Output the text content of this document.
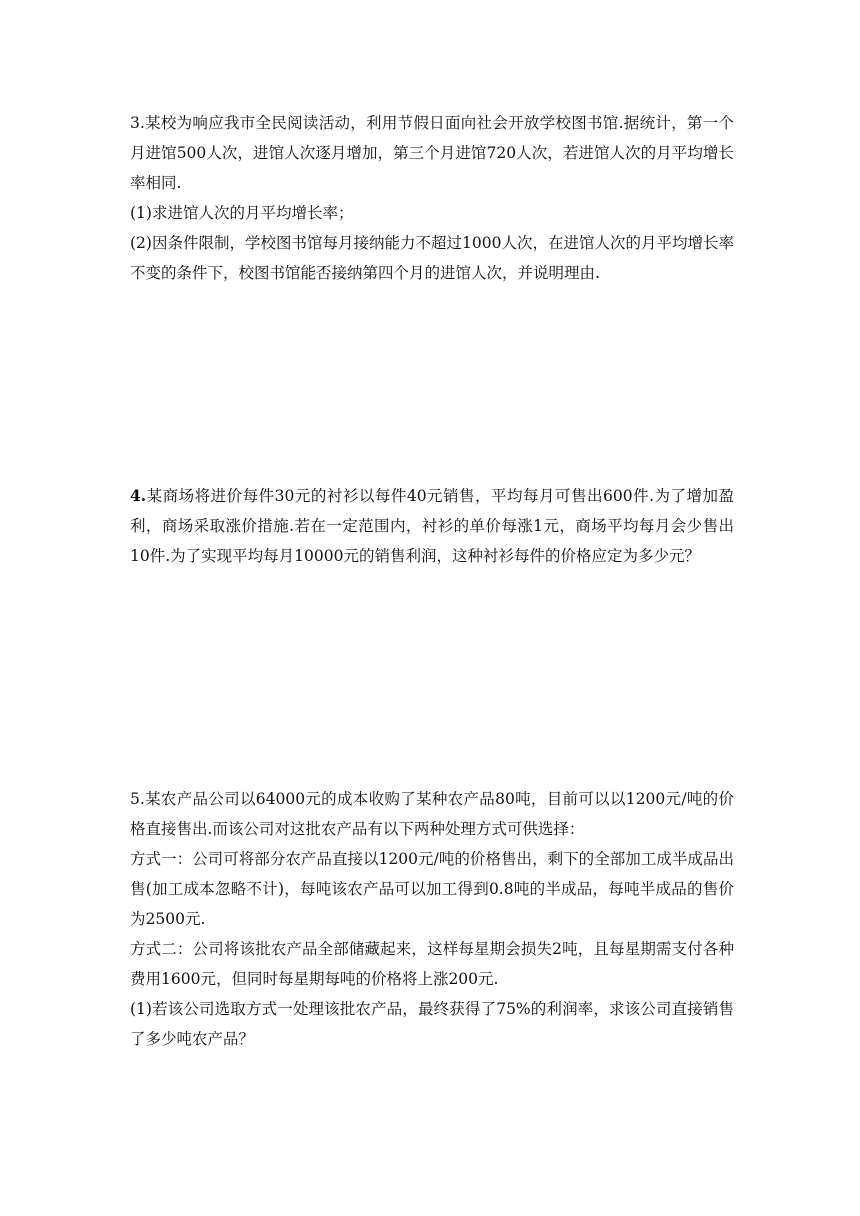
3.某校为响应我市全民阅读活动，利用节假日面向社会开放学校图书馆.据统计，第一个月进馆500人次，进馆人次逐月增加，第三个月进馆720人次，若进馆人次的月平均增长率相同.

(1)求进馆人次的月平均增长率；

(2)因条件限制，学校图书馆每月接纳能力不超过1000人次，在进馆人次的月平均增长率不变的条件下，校图书馆能否接纳第四个月的进馆人次，并说明理由.

4.某商场将进价每件30元的衬衫以每件40元销售，平均每月可售出600件.为了增加盈利，商场采取涨价措施.若在一定范围内，衬衫的单价每涨1元，商场平均每月会少售出10件.为了实现平均每月10000元的销售利润，这种衬衫每件的价格应定为多少元？

5.某农产品公司以64000元的成本收购了某种农产品80吨，目前可以以1200元/吨的价格直接售出.而该公司对这批农产品有以下两种处理方式可供选择：

方式一：公司可将部分农产品直接以1200元/吨的价格售出，剩下的全部加工成半成品出售(加工成本忽略不计)，每吨该农产品可以加工得到0.8吨的半成品，每吨半成品的售价为2500元.

方式二：公司将该批农产品全部储藏起来，这样每星期会损失2吨，且每星期需支付各种费用1600元，但同时每星期每吨的价格将上涨200元.

(1)若该公司选取方式一处理该批农产品，最终获得了75%的利润率，求该公司直接销售了多少吨农产品？
